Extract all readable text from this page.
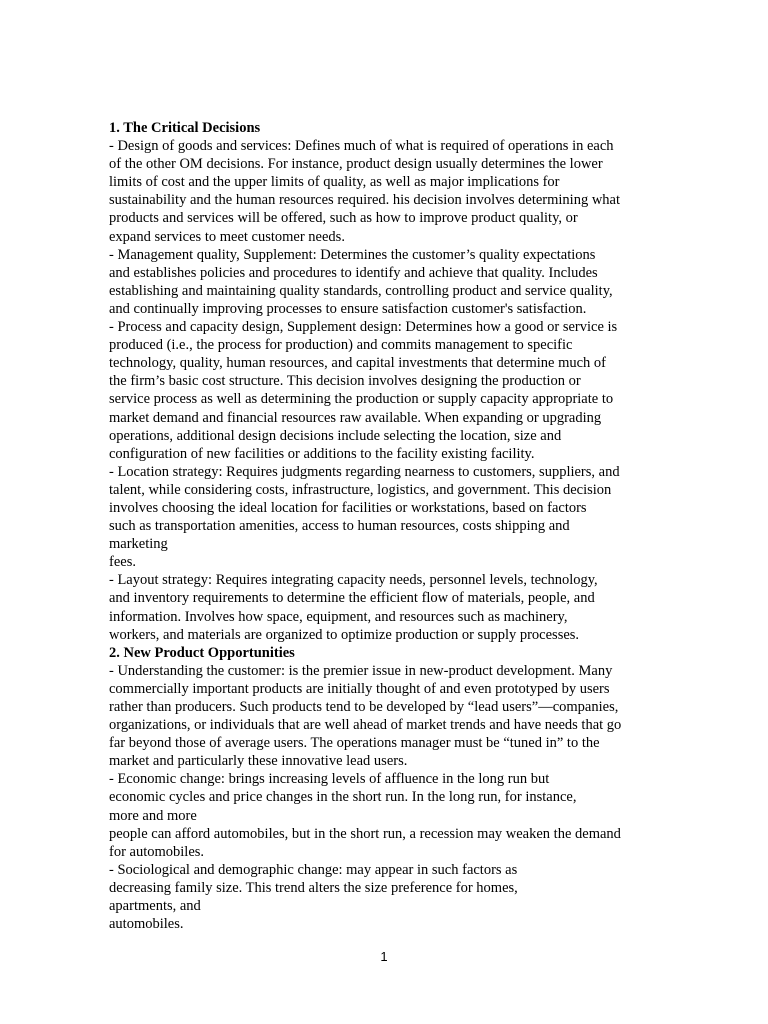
1. The Critical Decisions
- Design of goods and services: Defines much of what is required of operations in each
of the other OM decisions. For instance, product design usually determines the lower
limits of cost and the upper limits of quality, as well as major implications for
sustainability and the human resources required. his decision involves determining what
products and services will be offered, such as how to improve product quality, or
expand services to meet customer needs.
- Management quality, Supplement: Determines the customer’s quality expectations
and establishes policies and procedures to identify and achieve that quality. Includes
establishing and maintaining quality standards, controlling product and service quality,
and continually improving processes to ensure satisfaction customer's satisfaction.
- Process and capacity design, Supplement design: Determines how a good or service is
produced (i.e., the process for production) and commits management to specific
technology, quality, human resources, and capital investments that determine much of
the firm’s basic cost structure. This decision involves designing the production or
service process as well as determining the production or supply capacity appropriate to
market demand and financial resources raw available. When expanding or upgrading
operations, additional design decisions include selecting the location, size and
configuration of new facilities or additions to the facility existing facility.
- Location strategy: Requires judgments regarding nearness to customers, suppliers, and
talent, while considering costs, infrastructure, logistics, and government. This decision
involves choosing the ideal location for facilities or workstations, based on factors
such as transportation amenities, access to human resources, costs shipping and
marketing
fees.
- Layout strategy: Requires integrating capacity needs, personnel levels, technology,
and inventory requirements to determine the efficient flow of materials, people, and
information. Involves how space, equipment, and resources such as machinery,
workers, and materials are organized to optimize production or supply processes.
2. New Product Opportunities
- Understanding the customer: is the premier issue in new-product development. Many
commercially important products are initially thought of and even prototyped by users
rather than producers. Such products tend to be developed by “lead users”—companies,
organizations, or individuals that are well ahead of market trends and have needs that go
far beyond those of average users. The operations manager must be “tuned in” to the
market and particularly these innovative lead users.
- Economic change: brings increasing levels of affluence in the long run but
economic cycles and price changes in the short run. In the long run, for instance,
more and more
people can afford automobiles, but in the short run, a recession may weaken the demand
for automobiles.
- Sociological and demographic change: may appear in such factors as
decreasing family size. This trend alters the size preference for homes,
apartments, and
automobiles.
1
